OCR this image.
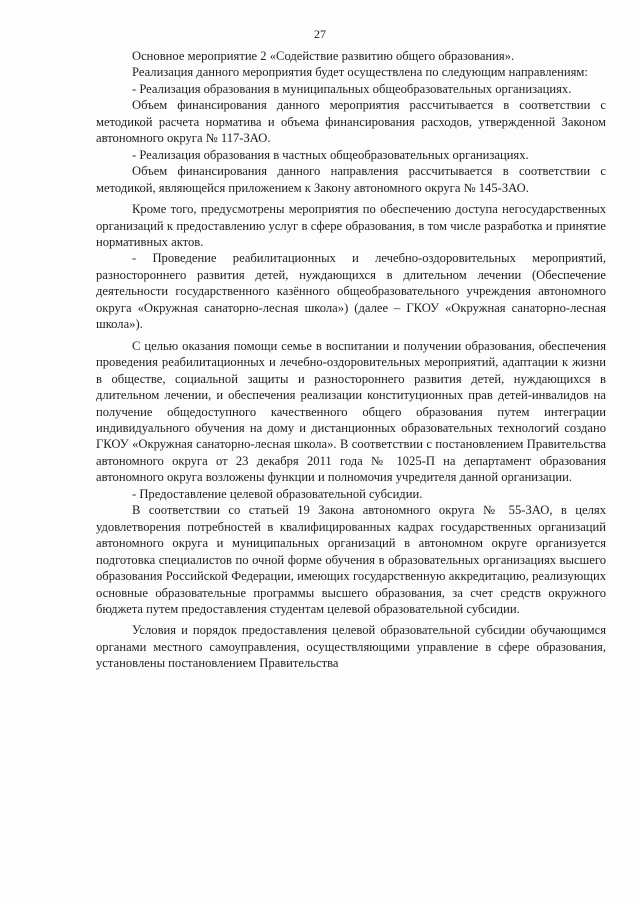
27

Основное мероприятие 2 «Содействие развитию общего образования».

Реализация данного мероприятия будет осуществлена по следующим направлениям:

- Реализация образования в муниципальных общеобразовательных организациях.

Объем финансирования данного мероприятия рассчитывается в соответствии с методикой расчета норматива и объема финансирования расходов, утвержденной Законом автономного округа № 117-ЗАО.

- Реализация образования в частных общеобразовательных организациях.

Объем финансирования данного направления рассчитывается в соответствии с методикой, являющейся приложением к Закону автономного округа № 145-ЗАО.

Кроме того, предусмотрены мероприятия по обеспечению доступа негосударственных организаций к предоставлению услуг в сфере образования, в том числе разработка и принятие нормативных актов.

- Проведение реабилитационных и лечебно-оздоровительных мероприятий, разностороннего развития детей, нуждающихся в длительном лечении (Обеспечение деятельности государственного казённого общеобразовательного учреждения автономного округа «Окружная санаторно-лесная школа») (далее – ГКОУ «Окружная санаторно-лесная школа»).

С целью оказания помощи семье в воспитании и получении образования, обеспечения проведения реабилитационных и лечебно-оздоровительных мероприятий, адаптации к жизни в обществе, социальной защиты и разностороннего развития детей, нуждающихся в длительном лечении, и обеспечения реализации конституционных прав детей-инвалидов на получение общедоступного качественного общего образования путем интеграции индивидуального обучения на дому и дистанционных образовательных технологий создано ГКОУ «Окружная санаторно-лесная школа». В соответствии с постановлением Правительства автономного округа от 23 декабря 2011 года № 1025-П на департамент образования автономного округа возложены функции и полномочия учредителя данной организации.

- Предоставление целевой образовательной субсидии.

В соответствии со статьей 19 Закона автономного округа № 55-ЗАО, в целях удовлетворения потребностей в квалифицированных кадрах государственных организаций автономного округа и муниципальных организаций в автономном округе организуется подготовка специалистов по очной форме обучения в образовательных организациях высшего образования Российской Федерации, имеющих государственную аккредитацию, реализующих основные образовательные программы высшего образования, за счет средств окружного бюджета путем предоставления студентам целевой образовательной субсидии.

Условия и порядок предоставления целевой образовательной субсидии обучающимся органами местного самоуправления, осуществляющими управление в сфере образования, установлены постановлением Правительства
